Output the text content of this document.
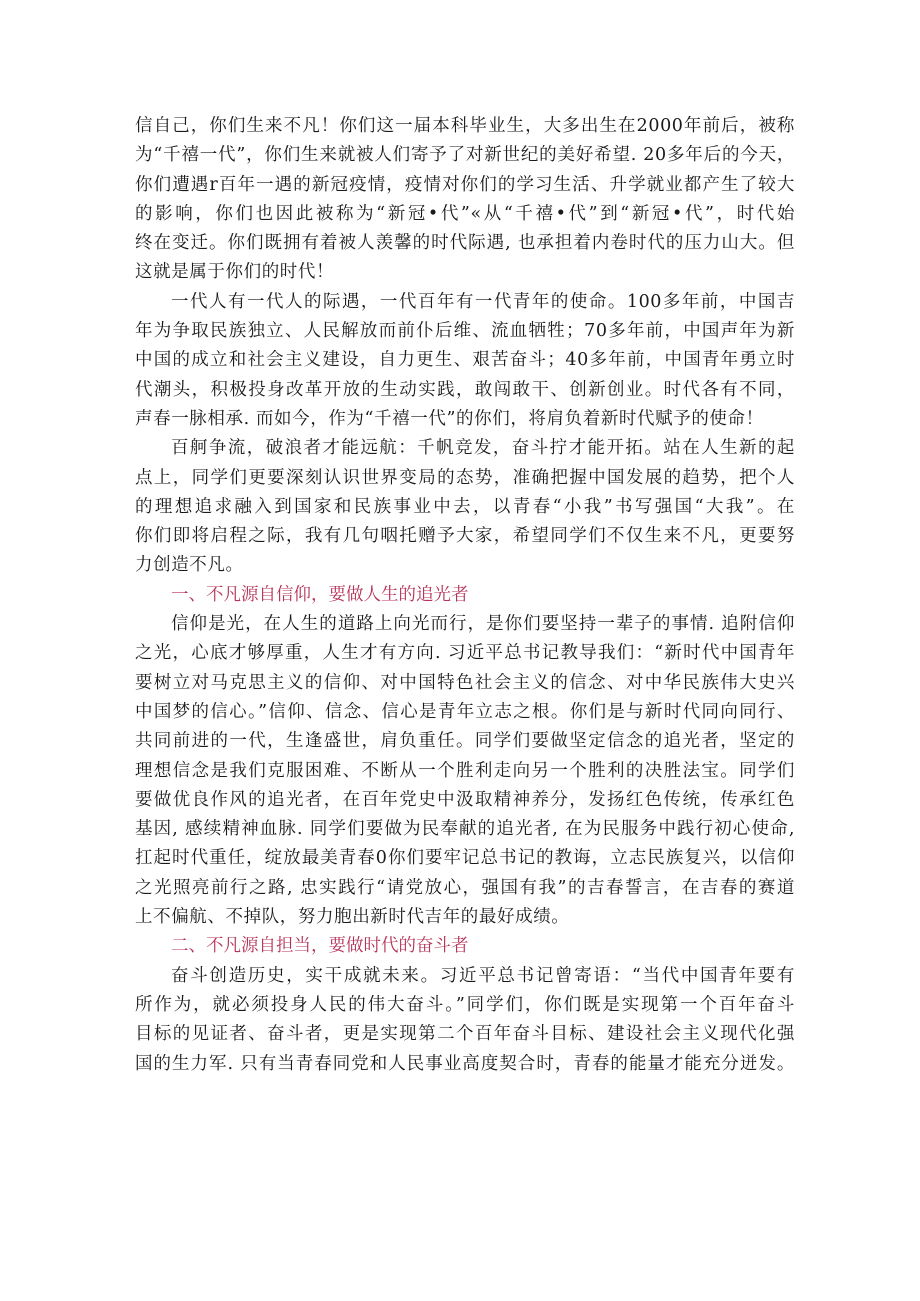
信自己，你们生来不凡！你们这一届本科毕业生，大多出生在2000年前后，被称
为“千禧一代”，你们生来就被人们寄予了对新世纪的美好希望. 20多年后的今天，
你们遭遇r百年一遇的新冠疫情，疫情对你们的学习生活、升学就业都产生了较大
的影响，你们也因此被称为“新冠•代”«从“千禧•代”到“新冠•代”，时代始
终在变迁。你们既拥有着被人羡馨的时代际遇, 也承担着内卷时代的压力山大。但
这就是属于你们的时代！
一代人有一代人的际遇，一代百年有一代青年的使命。100多年前，中国吉
年为争取民族独立、人民解放而前仆后维、流血牺牲；70多年前，中国声年为新
中国的成立和社会主义建设，自力更生、艰苦奋斗；40多年前，中国青年勇立时
代潮头，积极投身改革开放的生动实践，敢闯敢干、创新创业。时代各有不同，
声春一脉相承. 而如今，作为“千禧一代”的你们，将肩负着新时代赋予的使命！
百舸争流，破浪者才能远航：千帆竞发，奋斗拧才能开拓。站在人生新的起
点上，同学们更要深刻认识世界变局的态势，准确把握中国发展的趋势，把个人
的理想追求融入到国家和民族事业中去，以青春“小我”书写强国“大我”。在
你们即将启程之际，我有几句咽托赠予大家，希望同学们不仅生来不凡，更要努
力创造不凡。
一、不凡源自信仰，要做人生的追光者
信仰是光，在人生的道路上向光而行，是你们要坚持一辈子的事情. 追附信仰
之光，心底才够厚重，人生才有方向. 习近平总书记教导我们：“新时代中国青年
要树立对马克思主义的信仰、对中国特色社会主义的信念、对中华民族伟大史兴
中国梦的信心。”信仰、信念、信心是青年立志之根。你们是与新时代同向同行、
共同前进的一代，生逢盛世，肩负重任。同学们要做坚定信念的追光者，坚定的
理想信念是我们克服困难、不断从一个胜利走向另一个胜利的决胜法宝。同学们
要做优良作风的追光者，在百年党史中汲取精神养分，发扬红色传统，传承红色
基因, 感续精神血脉. 同学们要做为民奉献的追光者, 在为民服务中践行初心使命,
扛起时代重任，绽放最美青春0你们要牢记总书记的教诲，立志民族复兴，以信仰
之光照亮前行之路, 忠实践行“请党放心，强国有我”的吉春誓言，在吉春的赛道
上不偏航、不掉队，努力胞出新时代吉年的最好成绩。
二、不凡源自担当，要做时代的奋斗者
奋斗创造历史，实干成就未来。习近平总书记曾寄语：“当代中国青年要有
所作为，就必须投身人民的伟大奋斗。”同学们，你们既是实现第一个百年奋斗
目标的见证者、奋斗者，更是实现第二个百年奋斗目标、建设社会主义现代化强
国的生力军. 只有当青春同党和人民事业高度契合时，青春的能量才能充分迸发。
